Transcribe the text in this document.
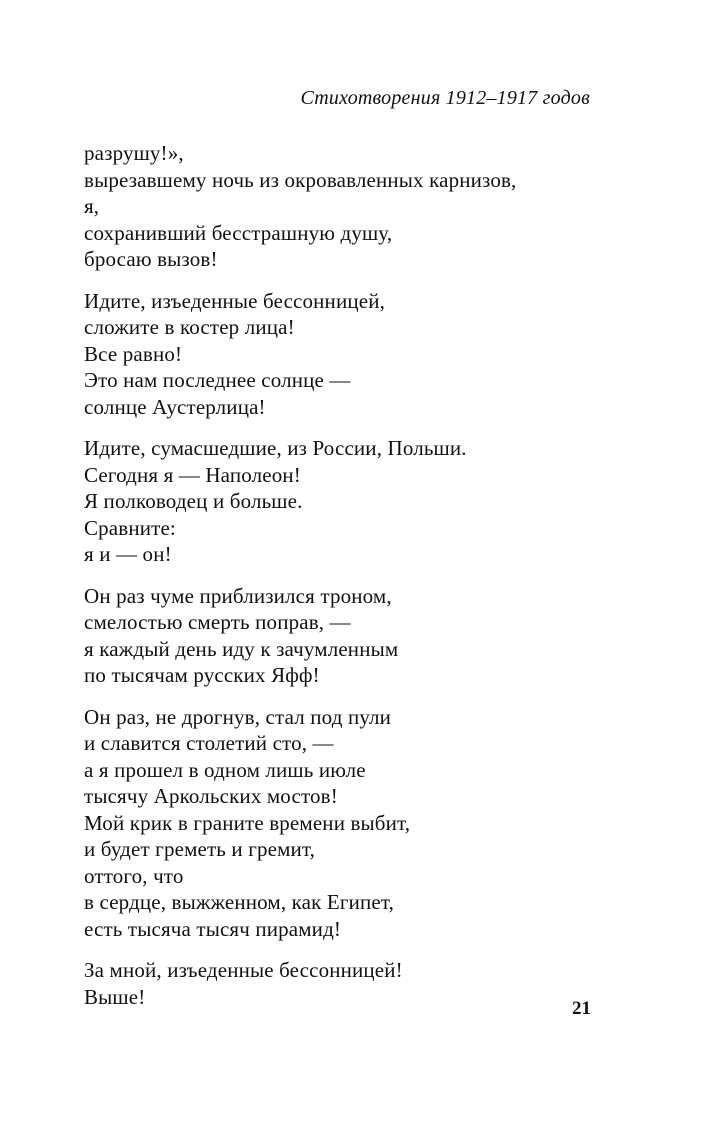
Стихотворения 1912–1917 годов
разрушу!»,
вырезавшему ночь из окровавленных карнизов,
я,
сохранивший бесстрашную душу,
бросаю вызов!
Идите, изъеденные бессонницей,
сложите в костер лица!
Все равно!
Это нам последнее солнце —
солнце Аустерлица!
Идите, сумасшедшие, из России, Польши.
Сегодня я — Наполеон!
Я полководец и больше.
Сравните:
я и — он!
Он раз чуме приблизился троном,
смелостью смерть поправ, —
я каждый день иду к зачумленным
по тысячам русских Яфф!
Он раз, не дрогнув, стал под пули
и славится столетий сто, —
а я прошел в одном лишь июле
тысячу Аркольских мостов!
Мой крик в граните времени выбит,
и будет греметь и гремит,
оттого, что
в сердце, выжженном, как Египет,
есть тысяча тысяч пирамид!
За мной, изъеденные бессонницей!
Выше!	21
